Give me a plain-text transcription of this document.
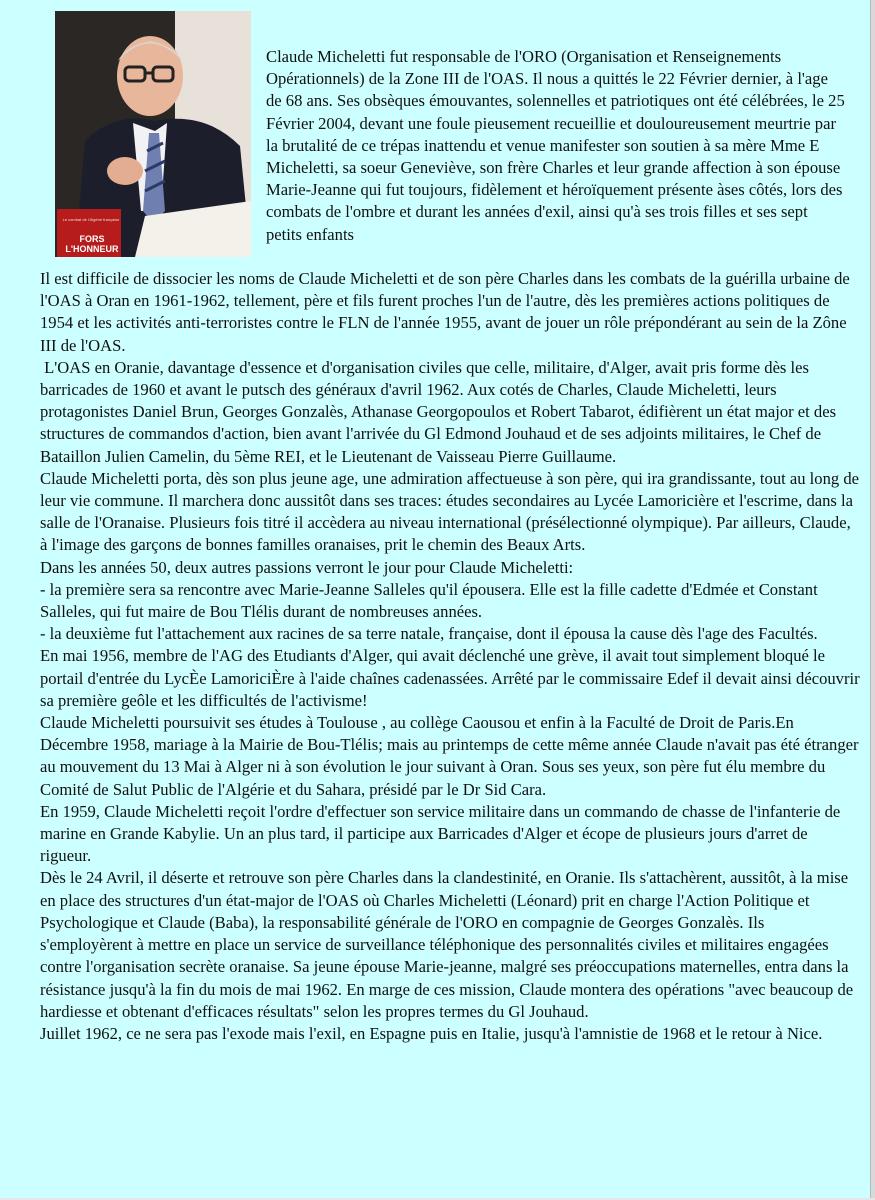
FORS
L'HONNEUR
Le combat de l'Algérie française

Claude Micheletti fut responsable de l'ORO (Organisation et Renseignements Opérationnels) de la Zone III de l'OAS. Il nous a quittés le 22 Février dernier, à l'age de 68 ans. Ses obsèques émouvantes, solennelles et patriotiques ont été célébrées, le 25 Février 2004, devant une foule pieusement recueillie et douloureusement meurtrie par la brutalité de ce trépas inattendu et venue manifester son soutien à sa mère Mme E Micheletti, sa soeur Geneviève, son frère Charles et leur grande affection à son épouse Marie-Jeanne qui fut toujours, fidèlement et héroïquement présente àses côtés, lors des combats de l'ombre et durant les années d'exil, ainsi qu'à ses trois filles et ses sept petits enfants

Il est difficile de dissocier les noms de Claude Micheletti et de son père Charles dans les combats de la guérilla urbaine de l'OAS à Oran en 1961-1962, tellement, père et fils furent proches l'un de l'autre, dès les premières actions politiques de 1954 et les activités anti-terroristes contre le FLN de l'année 1955, avant de jouer un rôle prépondérant au sein de la Zône III de l'OAS.

L'OAS en Oranie, davantage d'essence et d'organisation civiles que celle, militaire, d'Alger, avait pris forme dès les barricades de 1960 et avant le putsch des généraux d'avril 1962. Aux cotés de Charles, Claude Micheletti, leurs protagonistes Daniel Brun, Georges Gonzalès, Athanase Georgopoulos et Robert Tabarot, édifièrent un état major et des structures de commandos d'action, bien avant l'arrivée du Gl Edmond Jouhaud et de ses adjoints militaires, le Chef de Bataillon Julien Camelin, du 5ème REI, et le Lieutenant de Vaisseau Pierre Guillaume.

Claude Micheletti porta, dès son plus jeune age, une admiration affectueuse à son père, qui ira grandissante, tout au long de leur vie commune. Il marchera donc aussitôt dans ses traces: études secondaires au Lycée Lamoricière et l'escrime, dans la salle de l'Oranaise. Plusieurs fois titré il accèdera au niveau international (présélectionné olympique). Par ailleurs, Claude, à l'image des garçons de bonnes familles oranaises, prit le chemin des Beaux Arts.

Dans les années 50, deux autres passions verront le jour pour Claude Micheletti:

- la première sera sa rencontre avec Marie-Jeanne Salleles qu'il épousera. Elle est la fille cadette d'Edmée et Constant Salleles, qui fut maire de Bou Tlélis durant de nombreuses années.

- la deuxième fut l'attachement aux racines de sa terre natale, française, dont il épousa la cause dès l'age des Facultés.

En mai 1956, membre de l'AG des Etudiants d'Alger, qui avait déclenché une grève, il avait tout simplement bloqué le portail d'entrée du LycÈe LamoriciÈre à l'aide chaînes cadenassées. Arrêté par le commissaire Edef il devait ainsi découvrir sa première geôle et les difficultés de l'activisme!

Claude Micheletti poursuivit ses études à Toulouse , au collège Caousou et enfin à la Faculté de Droit de Paris.En Décembre 1958, mariage à la Mairie de Bou-Tlélis; mais au printemps de cette même année Claude n'avait pas été étranger au mouvement du 13 Mai à Alger ni à son évolution le jour suivant à Oran. Sous ses yeux, son père fut élu membre du Comité de Salut Public de l'Algérie et du Sahara, présidé par le Dr Sid Cara.

En 1959, Claude Micheletti reçoit l'ordre d'effectuer son service militaire dans un commando de chasse de l'infanterie de marine en Grande Kabylie. Un an plus tard, il participe aux Barricades d'Alger et écope de plusieurs jours d'arret de rigueur.

Dès le 24 Avril, il déserte et retrouve son père Charles dans la clandestinité, en Oranie. Ils s'attachèrent, aussitôt, à la mise en place des structures d'un état-major de l'OAS où Charles Micheletti (Léonard) prit en charge l'Action Politique et Psychologique et Claude (Baba), la responsabilité générale de l'ORO en compagnie de Georges Gonzalès. Ils s'employèrent à mettre en place un service de surveillance téléphonique des personnalités civiles et militaires engagées contre l'organisation secrète oranaise. Sa jeune épouse Marie-jeanne, malgré ses préoccupations maternelles, entra dans la résistance jusqu'à la fin du mois de mai 1962. En marge de ces mission, Claude montera des opérations "avec beaucoup de hardiesse et obtenant d'efficaces résultats" selon les propres termes du Gl Jouhaud.

Juillet 1962, ce ne sera pas l'exode mais l'exil, en Espagne puis en Italie, jusqu'à l'amnistie de 1968 et le retour à Nice.
